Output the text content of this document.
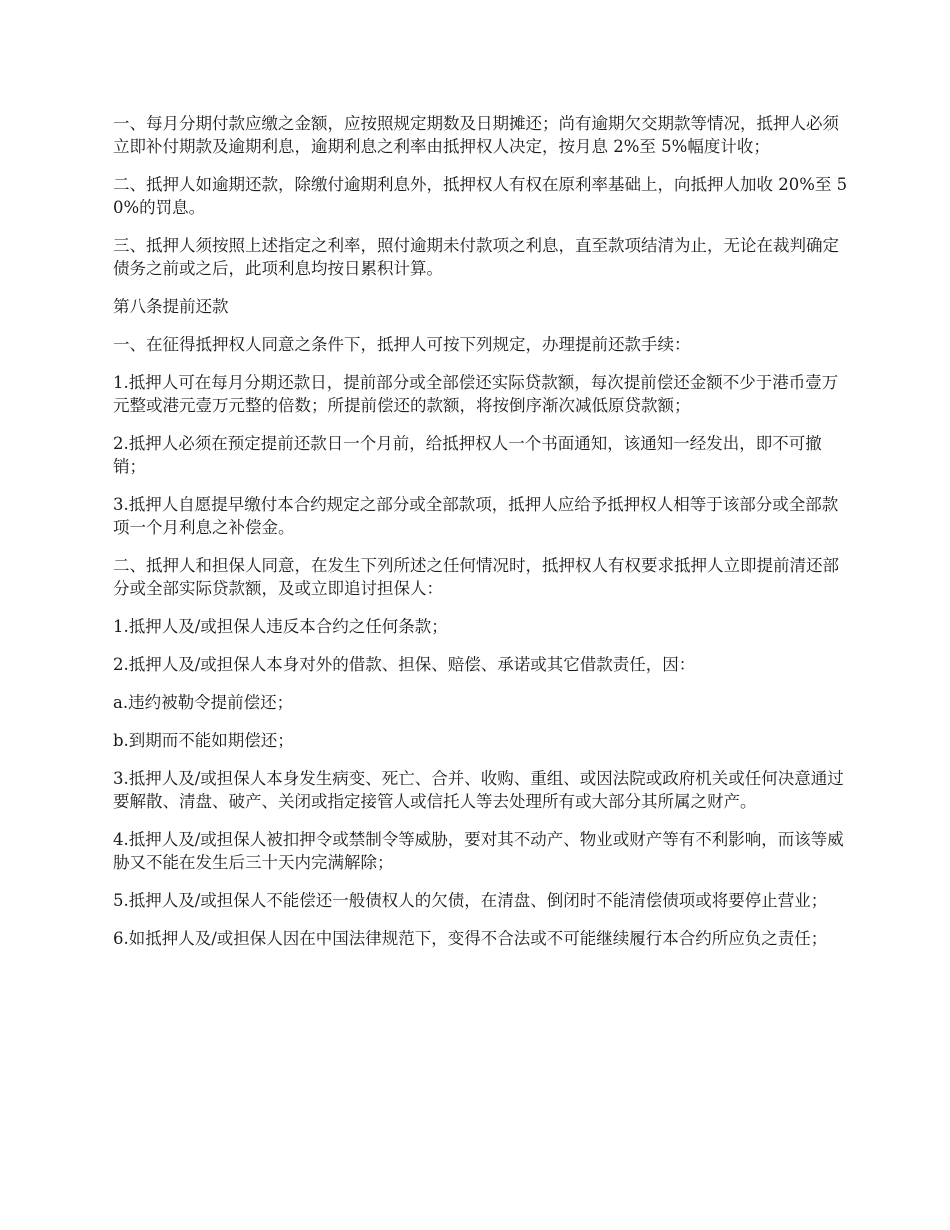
一、每月分期付款应缴之金额，应按照规定期数及日期摊还；尚有逾期欠交期款等情况，抵押人必须立即补付期款及逾期利息，逾期利息之利率由抵押权人决定，按月息 2%至 5%幅度计收；

二、抵押人如逾期还款，除缴付逾期利息外，抵押权人有权在原利率基础上，向抵押人加收 20%至 50%的罚息。

三、抵押人须按照上述指定之利率，照付逾期未付款项之利息，直至款项结清为止，无论在裁判确定债务之前或之后，此项利息均按日累积计算。

第八条提前还款

一、在征得抵押权人同意之条件下，抵押人可按下列规定，办理提前还款手续：

1.抵押人可在每月分期还款日，提前部分或全部偿还实际贷款额，每次提前偿还金额不少于港币壹万元整或港元壹万元整的倍数；所提前偿还的款额，将按倒序渐次减低原贷款额；

2.抵押人必须在预定提前还款日一个月前，给抵押权人一个书面通知，该通知一经发出，即不可撤销；

3.抵押人自愿提早缴付本合约规定之部分或全部款项，抵押人应给予抵押权人相等于该部分或全部款项一个月利息之补偿金。

二、抵押人和担保人同意，在发生下列所述之任何情况时，抵押权人有权要求抵押人立即提前清还部分或全部实际贷款额，及或立即追讨担保人：

1.抵押人及/或担保人违反本合约之任何条款；

2.抵押人及/或担保人本身对外的借款、担保、赔偿、承诺或其它借款责任，因：

a.违约被勒令提前偿还；

b.到期而不能如期偿还；

3.抵押人及/或担保人本身发生病变、死亡、合并、收购、重组、或因法院或政府机关或任何决意通过要解散、清盘、破产、关闭或指定接管人或信托人等去处理所有或大部分其所属之财产。

4.抵押人及/或担保人被扣押令或禁制令等威胁，要对其不动产、物业或财产等有不利影响，而该等威胁又不能在发生后三十天内完满解除；

5.抵押人及/或担保人不能偿还一般债权人的欠债，在清盘、倒闭时不能清偿债项或将要停止营业；

6.如抵押人及/或担保人因在中国法律规范下，变得不合法或不可能继续履行本合约所应负之责任；
